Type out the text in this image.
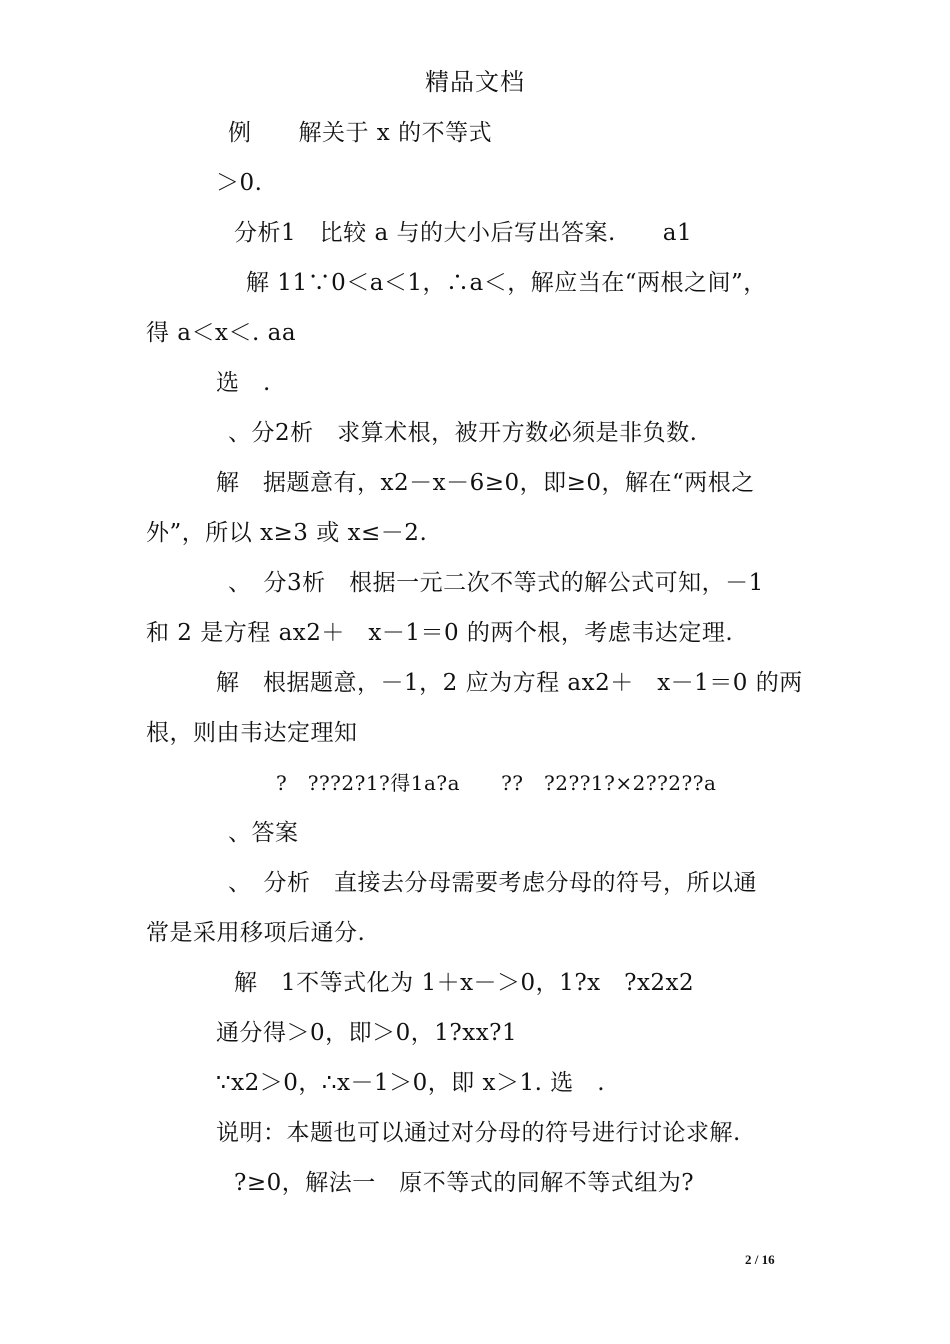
精品文档
例　　解关于 x 的不等式
＞0.
分析1　比较 a 与的大小后写出答案.　　a1
解 11∵0＜a＜1，∴a＜，解应当在“两根之间”，
得 a＜x＜. aa
选　.
、分2析　求算术根，被开方数必须是非负数.
解　据题意有，x2－x－6≥0，即≥0，解在“两根之
外”，所以 x≥3 或 x≤－2.
、　分3析　根据一元二次不等式的解公式可知，－1
和 2 是方程 ax2＋　x－1＝0 的两个根，考虑韦达定理.
解　根据题意，－1，2 应为方程 ax2＋　x－1＝0 的两
根，则由韦达定理知
?　???2?1?得1a?a　　??　?2??1?×2??2??a
、答案
、　分析　直接去分母需要考虑分母的符号，所以通
常是采用移项后通分.
解　1不等式化为 1＋x－＞0，1?x　?x2x2
通分得＞0，即＞0，1?xx?1
∵x2＞0，∴x－1＞0，即 x＞1. 选　.
说明：本题也可以通过对分母的符号进行讨论求解.
?≥0，解法一　原不等式的同解不等式组为?
2 / 16
